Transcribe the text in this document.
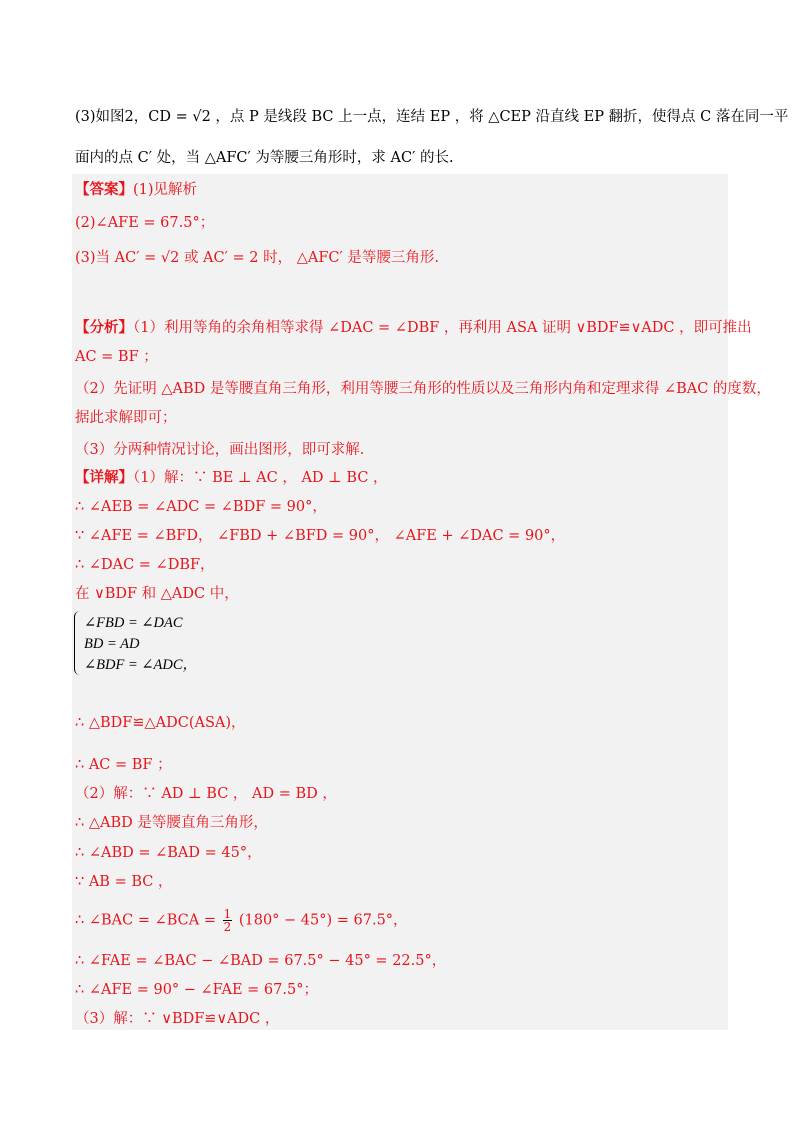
(3)如图2，CD = √2 ，点 P 是线段 BC 上一点，连结 EP ，将 △CEP 沿直线 EP 翻折，使得点 C 落在同一平
面内的点 C′ 处，当 △AFC′ 为等腰三角形时，求 AC′ 的长.
【答案】(1)见解析
(2)∠AFE = 67.5°；
(3)当 AC′ = √2 或 AC′ = 2 时， △AFC′ 是等腰三角形.
【分析】（1）利用等角的余角相等求得 ∠DAC = ∠DBF ，再利用 ASA 证明 ∨BDF≌∨ADC ，即可推出
AC = BF ；
（2）先证明 △ABD 是等腰直角三角形，利用等腰三角形的性质以及三角形内角和定理求得 ∠BAC 的度数，
据此求解即可；
（3）分两种情况讨论，画出图形，即可求解.
【详解】（1）解：∵ BE ⊥ AC ， AD ⊥ BC ，
∴ ∠AEB = ∠ADC = ∠BDF = 90°，
∵ ∠AFE = ∠BFD， ∠FBD + ∠BFD = 90°， ∠AFE + ∠DAC = 90°，
∴ ∠DAC = ∠DBF，
在 ∨BDF 和 △ADC 中，
∠FBD = ∠DAC
BD = AD
∠BDF = ∠ADC，
∴ △BDF≌△ADC(ASA)，
∴ AC = BF ；
（2）解：∵ AD ⊥ BC ， AD = BD ，
∴ △ABD 是等腰直角三角形，
∴ ∠ABD = ∠BAD = 45°，
∵ AB = BC ，
∴ ∠BAC = ∠BCA = $\frac{1}{2} (180^\circ - 45^\circ) = 67.5^\circ$，
∴ ∠FAE = ∠BAC − ∠BAD = 67.5° − 45° = 22.5°，
∴ ∠AFE = 90° − ∠FAE = 67.5°；
（3）解：∵ ∨BDF≌∨ADC ，
